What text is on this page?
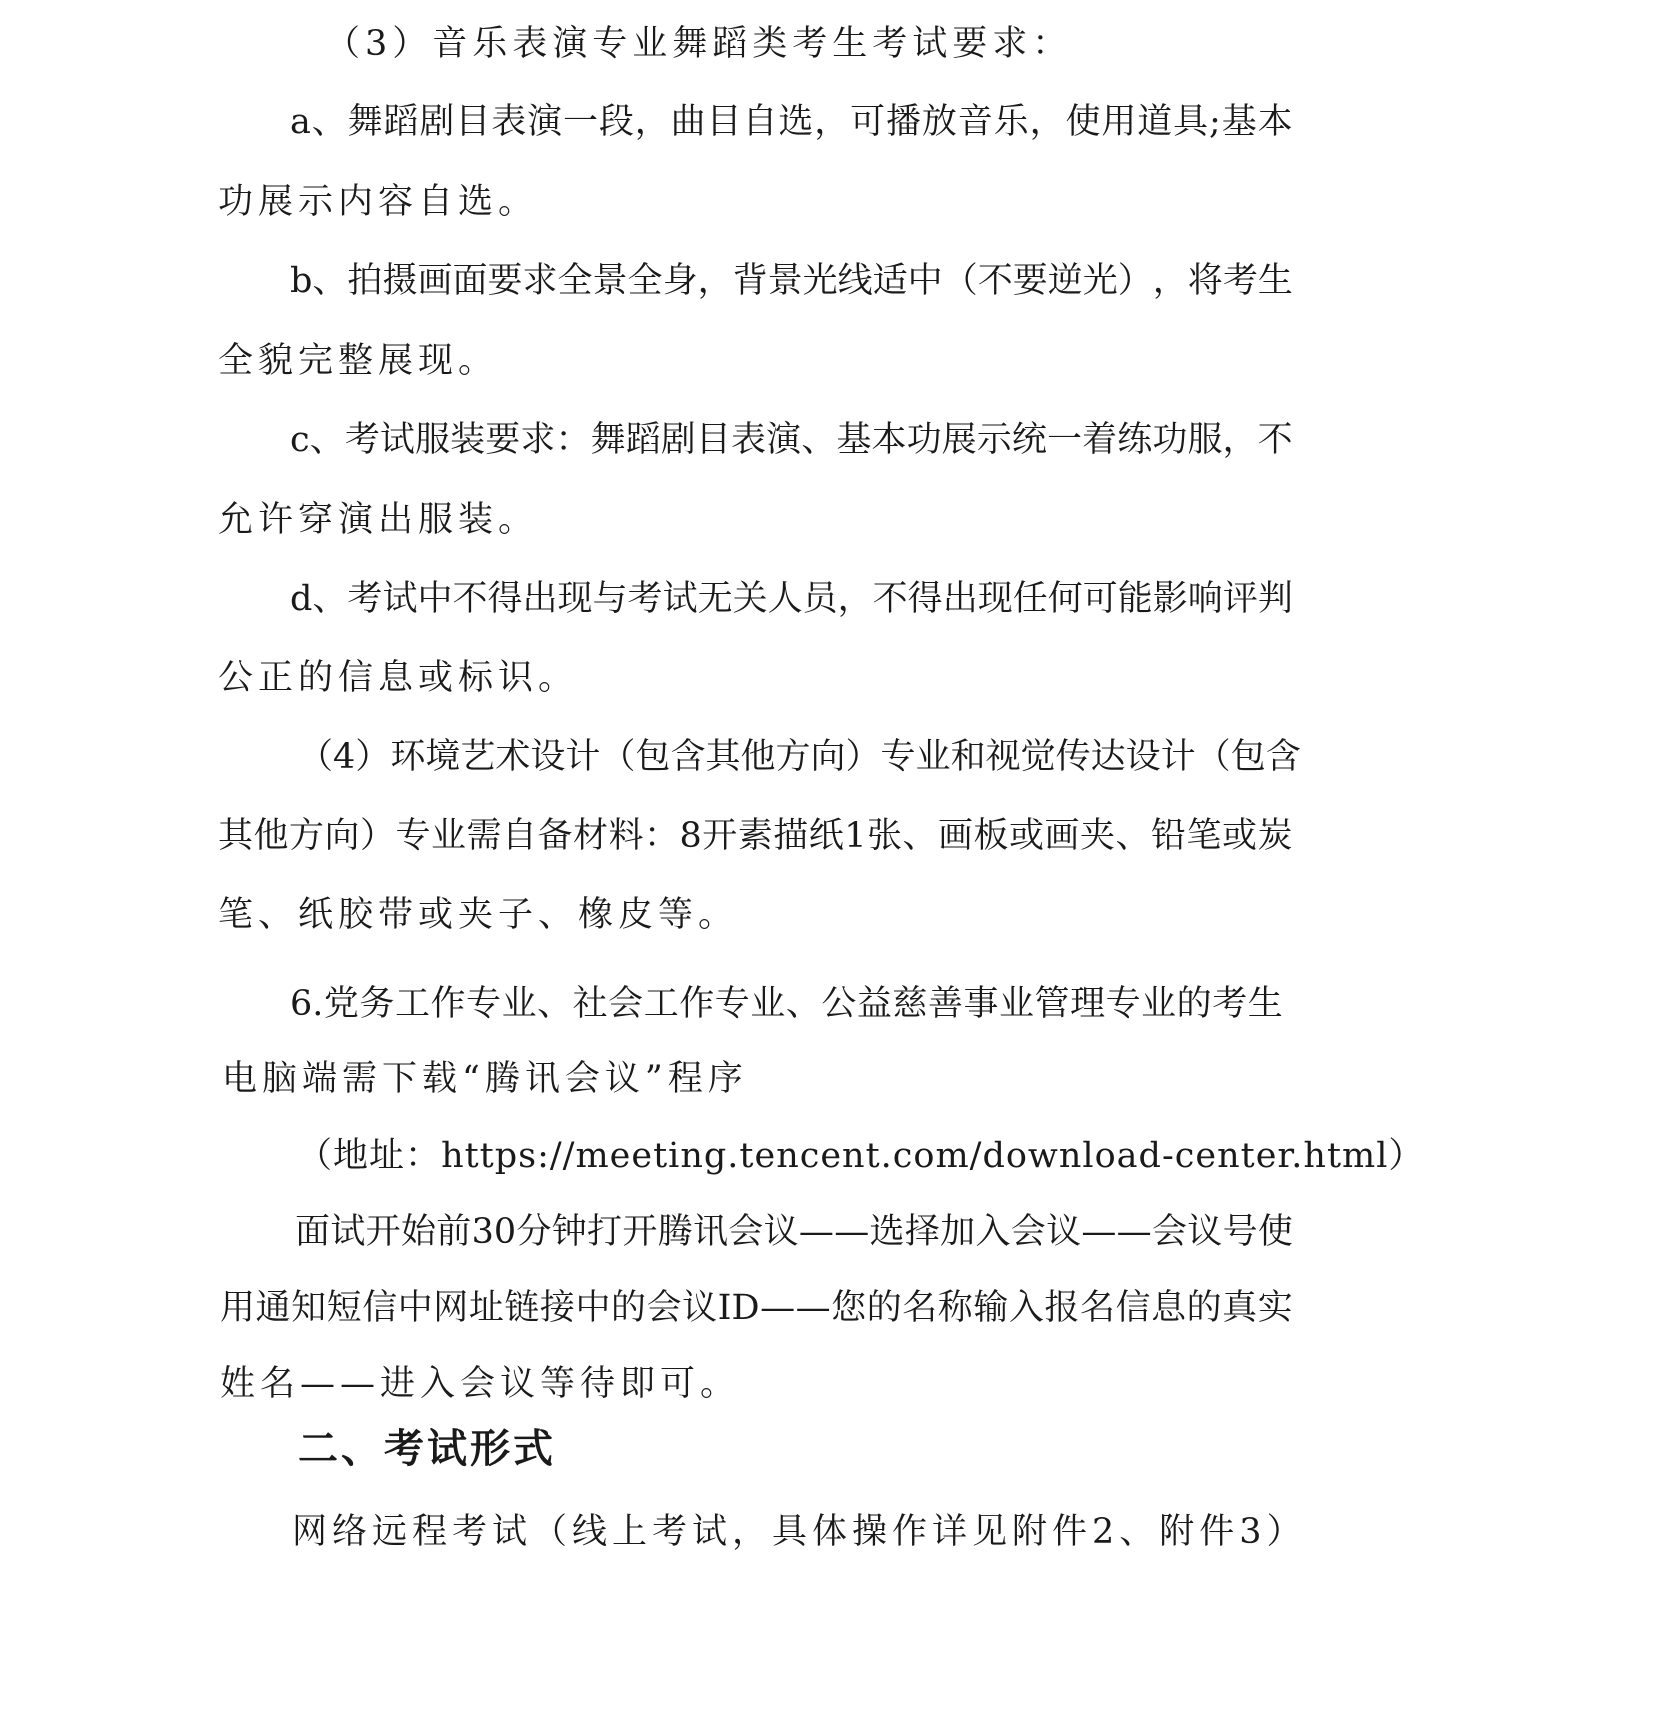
（3）音乐表演专业舞蹈类考生考试要求：
a 、 舞 蹈 剧 目 表 演 一 段 ， 曲 目 自 选 ， 可 播 放 音 乐 ， 使 用 道 具 ; 基 本
功展示内容自选。
b 、 拍 摄 画 面 要 求 全 景 全 身 ， 背 景 光 线 适 中 （ 不 要 逆 光 ） ， 将 考 生
全貌完整展现。
c 、 考 试 服 装 要 求 ： 舞 蹈 剧 目 表 演 、 基 本 功 展 示 统 一 着 练 功 服 ， 不
允许穿演出服装。
d 、 考 试 中 不 得 出 现 与 考 试 无 关 人 员 ， 不 得 出 现 任 何 可 能 影 响 评 判
公正的信息或标识。
（ 4 ） 环 境 艺 术 设 计 （ 包 含 其 他 方 向 ） 专 业 和 视 觉 传 达 设 计 （ 包 含
其 他 方 向 ） 专 业 需 自 备 材 料 ： 8 开 素 描 纸 1 张 、 画 板 或 画 夹 、 铅 笔 或 炭
笔、纸胶带或夹子、橡皮等。
6. 党 务 工 作 专 业 、 社 会 工 作 专 业 、 公 益 慈 善 事 业 管 理 专 业 的 考 生
电脑端需下载“腾讯会议”程序
（ 地 址 ： https://meeting.tencent.com/download-center.html ）
面 试 开 始 前 30 分 钟 打 开 腾 讯 会 议 — — 选 择 加 入 会 议 — — 会 议 号 使
用 通 知 短 信 中 网 址 链 接 中 的 会 议 ID — — 您 的 名 称 输 入 报 名 信 息 的 真 实
姓名——进入会议等待即可。
二、考试形式
网络远程考试（线上考试，具体操作详见附件2、附件3）
